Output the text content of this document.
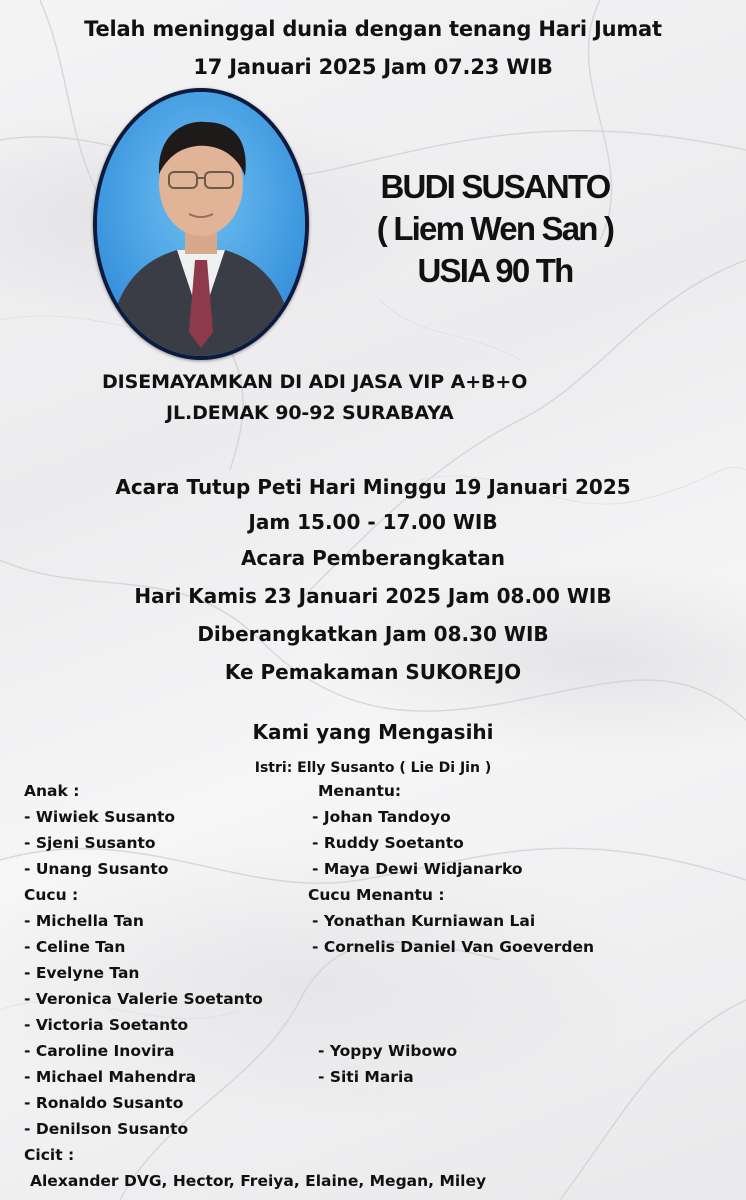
Telah meninggal dunia dengan tenang Hari Jumat
17 Januari 2025 Jam 07.23 WIB
BUDI SUSANTO
( Liem Wen San )
USIA 90 Th
DISEMAYAMKAN DI ADI JASA VIP A+B+O
JL.DEMAK 90-92 SURABAYA
Acara Tutup Peti Hari Minggu 19 Januari 2025
Jam 15.00 - 17.00 WIB
Acara Pemberangkatan
Hari Kamis 23 Januari 2025 Jam 08.00 WIB
Diberangkatkan Jam 08.30 WIB
Ke Pemakaman SUKOREJO
Kami yang Mengasihi
Istri: Elly Susanto ( Lie Di Jin )
Anak :
- Wiwiek Susanto
- Sjeni Susanto
- Unang Susanto
Cucu :
- Michella Tan
- Celine Tan
- Evelyne Tan
- Veronica Valerie Soetanto
- Victoria Soetanto
- Caroline Inovira
- Michael Mahendra
- Ronaldo Susanto
- Denilson Susanto
Cicit :
Alexander DVG, Hector, Freiya, Elaine, Megan, Miley
Menantu:
- Johan Tandoyo
- Ruddy Soetanto
- Maya Dewi Widjanarko
Cucu Menantu :
- Yonathan Kurniawan Lai
- Cornelis Daniel Van Goeverden
- Yoppy Wibowo
- Siti Maria
